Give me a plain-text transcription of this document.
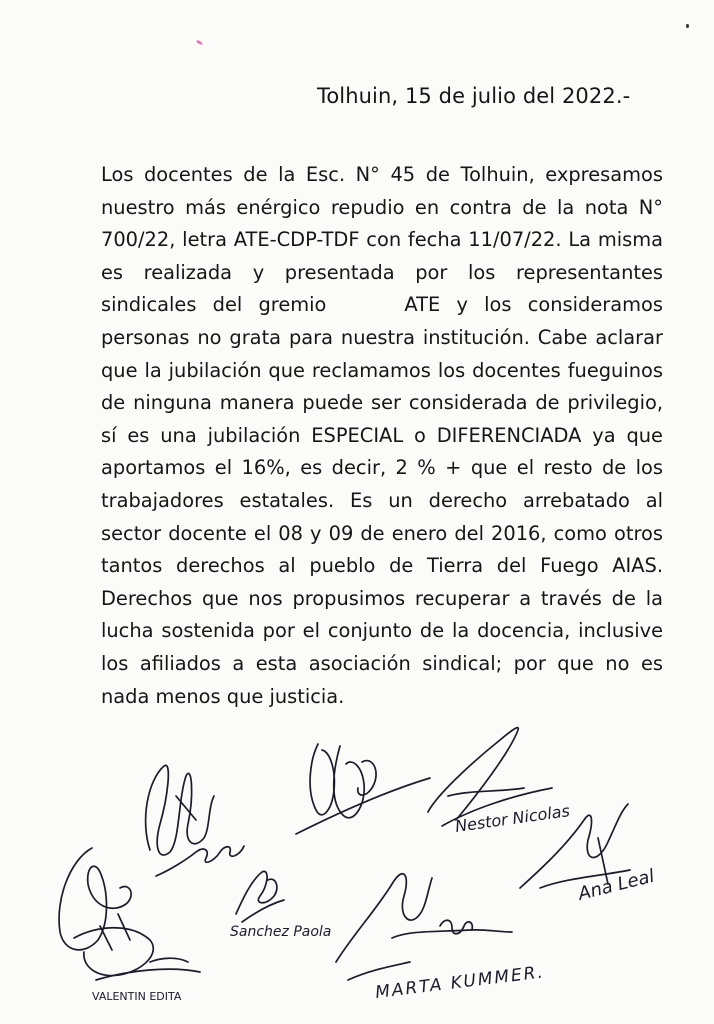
Tolhuin, 15 de julio del 2022.-

Los docentes de la Esc. N° 45 de Tolhuin, expresamos nuestro más enérgico repudio en contra de la nota N° 700/22, letra ATE-CDP-TDF con fecha 11/07/22. La misma es realizada y presentada por los representantes sindicales del gremio	ATE y los consideramos personas no grata para nuestra institución. Cabe aclarar que la jubilación que reclamamos los docentes fueguinos de ninguna manera puede ser considerada de privilegio, sí es una jubilación ESPECIAL o DIFERENCIADA ya que aportamos el 16%, es decir, 2 % + que el resto de los trabajadores estatales. Es un derecho arrebatado al sector docente el 08 y 09 de enero del 2016, como otros tantos derechos al pueblo de Tierra del Fuego AIAS. Derechos que nos propusimos recuperar a través de la lucha sostenida por el conjunto de la docencia, inclusive los afiliados a esta asociación sindical; por que no es nada menos que justicia.

Nestor Nicolas
Sanchez Paola
Ana Leal
VALENTIN EDITA	MARTA KUMMER.
